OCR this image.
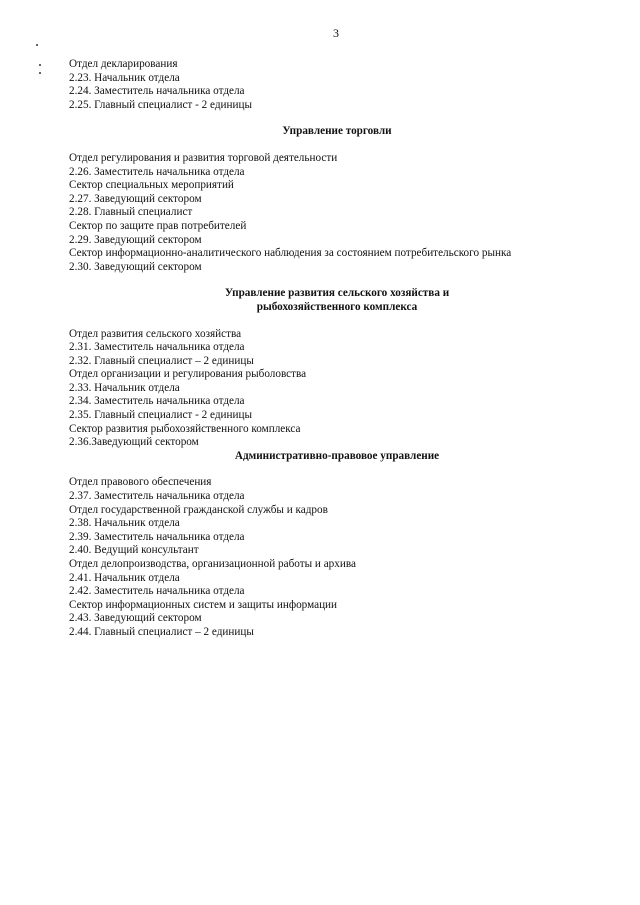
3
Отдел декларирования
2.23. Начальник отдела
2.24. Заместитель начальника отдела
2.25. Главный специалист - 2 единицы
Управление торговли
Отдел регулирования и развития торговой деятельности
2.26. Заместитель начальника отдела
Сектор специальных мероприятий
2.27. Заведующий сектором
2.28. Главный специалист
Сектор по защите прав потребителей
2.29. Заведующий сектором
Сектор информационно-аналитического наблюдения за состоянием потребительского рынка
2.30. Заведующий сектором
Управление развития сельского хозяйства и
рыбохозяйственного комплекса
Отдел развития сельского хозяйства
2.31. Заместитель начальника отдела
2.32. Главный специалист – 2 единицы
Отдел организации и регулирования рыболовства
2.33. Начальник отдела
2.34. Заместитель начальника отдела
2.35. Главный специалист - 2 единицы
Сектор развития рыбохозяйственного комплекса
2.36.Заведующий сектором
Административно-правовое управление
Отдел правового обеспечения
2.37. Заместитель начальника отдела
Отдел государственной гражданской службы и кадров
2.38. Начальник отдела
2.39. Заместитель начальника отдела
2.40. Ведущий консультант
Отдел делопроизводства, организационной работы и архива
2.41. Начальник отдела
2.42. Заместитель начальника отдела
Сектор информационных систем и защиты информации
2.43. Заведующий сектором
2.44. Главный специалист – 2 единицы
